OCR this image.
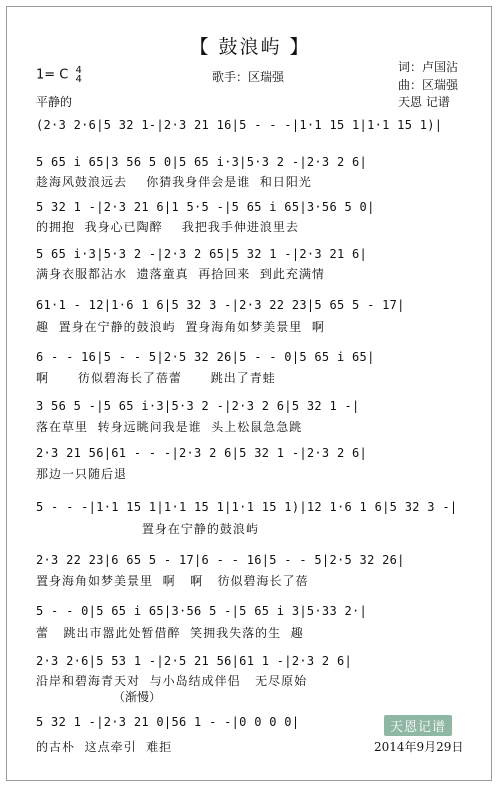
【 鼓浪屿 】
1= C 4
4	歌手：区瑞强
词：卢国沾
曲：区瑞强
天恩 记谱
平静的
(2·3 2·6|5 32 1-|2·3 21 16|5 - - -|1·1 15 1|1·1 15 1)|
5 65 i 65|3 56 5 0|5 65 i·3|5·3 2 -|2·3 2 6|
趁海风鼓浪远去    你猜我身伴会是谁  和日阳光
5 32 1 -|2·3 21 6|1 5·5 -|5 65 i 65|3·56 5 0|
的拥抱  我身心已陶醉    我把我手伸进浪里去
5 65 i·3|5·3 2 -|2·3 2 65|5 32 1 -|2·3 21 6|
满身衣服都沾水  遗落童真  再拾回来  到此充满情
61·1 - 12|1·6 1 6|5 32 3 -|2·3 22 23|5 65 5 - 17|
趣  置身在宁静的鼓浪屿  置身海角如梦美景里  啊
6 - - 16|5 - - 5|2·5 32 26|5 - - 0|5 65 i 65|
啊      彷似碧海长了蓓蕾      跳出了青蛙
3 56 5 -|5 65 i·3|5·3 2 -|2·3 2 6|5 32 1 -|
落在草里  转身远眺问我是谁  头上松鼠急急跳
2·3 21 56|61 - - -|2·3 2 6|5 32 1 -|2·3 2 6|
那边一只随后退
5 - - -|1·1 15 1|1·1 15 1|1·1 15 1)|12 1·6 1 6|5 32 3 -|
置身在宁静的鼓浪屿
2·3 22 23|6 65 5 - 17|6 - - 16|5 - - 5|2·5 32 26|
置身海角如梦美景里  啊   啊   彷似碧海长了蓓
5 - - 0|5 65 i 65|3·56 5 -|5 65 i 3|5·33 2·|
蕾   跳出市嚣此处暂借醉  笑拥我失落的生  趣
2·3 2·6|5 53 1 -|2·5 21 56|61 1 -|2·3 2 6|
沿岸和碧海青天对  与小岛结成伴侣   无尽原始
（渐慢）
5 32 1 -|2·3 21 0|56 1 - -|0 0 0 0|
的古朴  这点牵引  难拒
天恩记谱
2014年9月29日
